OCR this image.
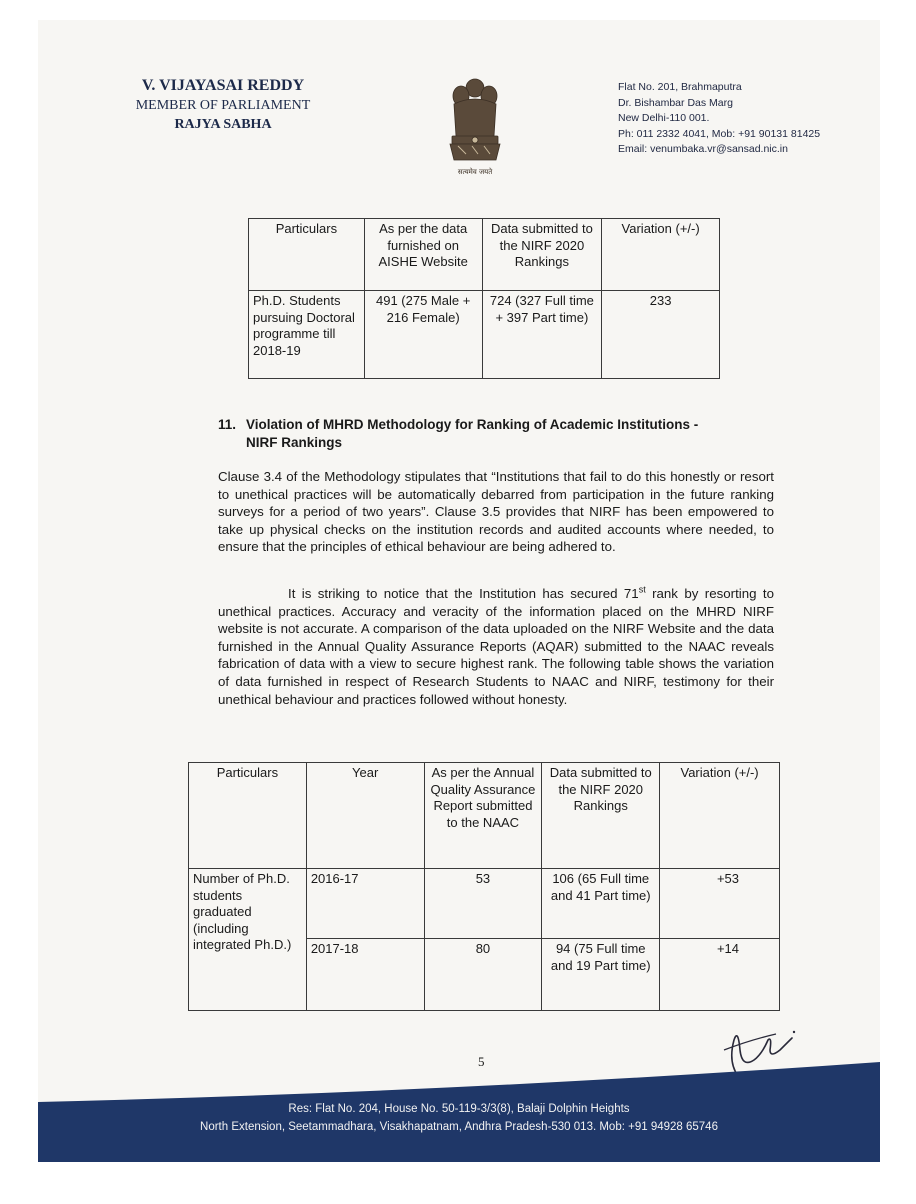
V. VIJAYASAI REDDY
MEMBER OF PARLIAMENT
RAJYA SABHA
सत्यमेव जयते
Flat No. 201, Brahmaputra
Dr. Bishambar Das Marg
New Delhi-110 001.
Ph: 011 2332 4041, Mob: +91 90131 81425
Email: venumbaka.vr@sansad.nic.in
Particulars	As per the data furnished on AISHE Website	Data submitted to the NIRF 2020 Rankings	Variation (+/-)
Ph.D. Students pursuing Doctoral programme till 2018-19	491 (275 Male + 216 Female)	724 (327 Full time + 397 Part time)	233
11. Violation of MHRD Methodology for Ranking of Academic Institutions -
NIRF Rankings
Clause 3.4 of the Methodology stipulates that “Institutions that fail to do this honestly or resort to unethical practices will be automatically debarred from participation in the future ranking surveys for a period of two years”. Clause 3.5 provides that NIRF has been empowered to take up physical checks on the institution records and audited accounts where needed, to ensure that the principles of ethical behaviour are being adhered to.
It is striking to notice that the Institution has secured 71st rank by resorting to unethical practices. Accuracy and veracity of the information placed on the MHRD NIRF website is not accurate. A comparison of the data uploaded on the NIRF Website and the data furnished in the Annual Quality Assurance Reports (AQAR) submitted to the NAAC reveals fabrication of data with a view to secure highest rank. The following table shows the variation of data furnished in respect of Research Students to NAAC and NIRF, testimony for their unethical behaviour and practices followed without honesty.
Particulars	Year	As per the Annual Quality Assurance Report submitted to the NAAC	Data submitted to the NIRF 2020 Rankings	Variation (+/-)
Number of Ph.D. students graduated (including integrated Ph.D.)	2016-17	53	106 (65 Full time and 41 Part time)	+53
	2017-18	80	94 (75 Full time and 19 Part time)	+14
5
Res: Flat No. 204, House No. 50-119-3/3(8), Balaji Dolphin Heights
North Extension, Seetammadhara, Visakhapatnam, Andhra Pradesh-530 013. Mob: +91 94928 65746
